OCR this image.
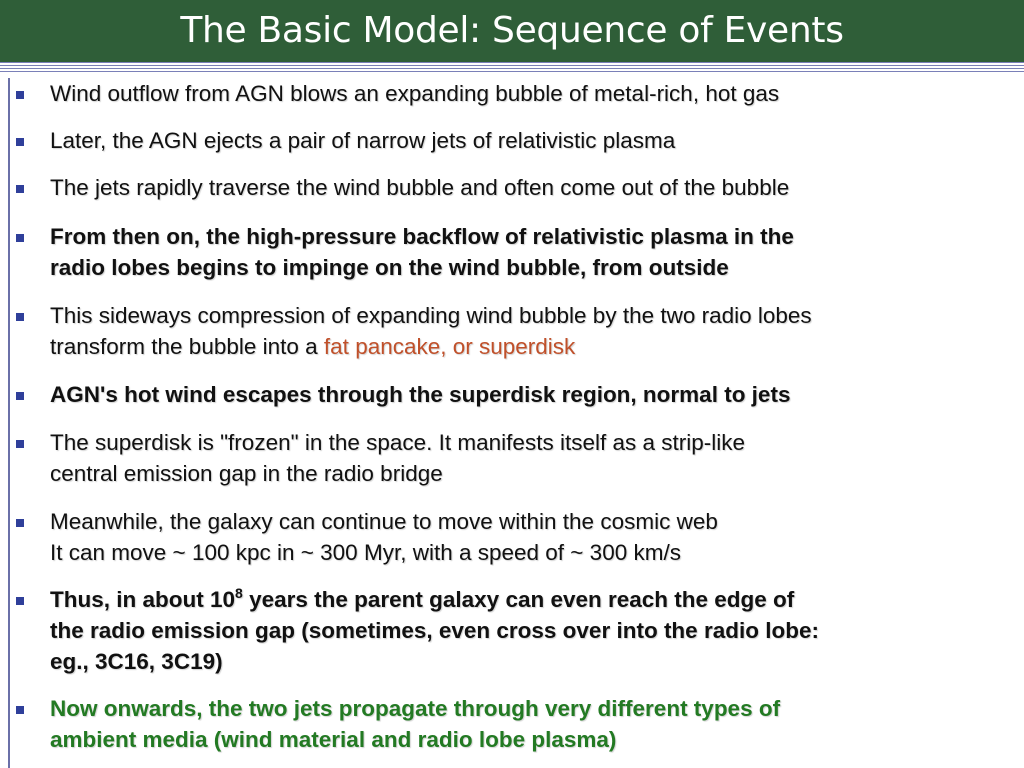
The Basic Model: Sequence of Events
Wind outflow from AGN blows an expanding bubble of metal-rich, hot gas
Later, the AGN ejects a pair of narrow jets of relativistic plasma
The jets rapidly traverse the wind bubble and often come out of the bubble
From then on, the high-pressure backflow of relativistic plasma in the
radio lobes begins to impinge on the wind bubble, from outside
This sideways compression of expanding wind bubble by the two radio lobes
transform the bubble into a fat pancake, or superdisk
AGN's hot wind escapes through the superdisk region, normal to jets
The superdisk is "frozen" in the space. It manifests itself as a strip-like
central emission gap in the radio bridge
Meanwhile, the galaxy can continue to move within the cosmic web
It can move ~ 100 kpc in ~ 300 Myr, with a speed of ~ 300 km/s
Thus, in about $10^8$ years the parent galaxy can even reach the edge of
the radio emission gap (sometimes, even cross over into the radio lobe:
eg., 3C16, 3C19)
Now onwards, the two jets propagate through very different types of
ambient media (wind material and radio lobe plasma)
